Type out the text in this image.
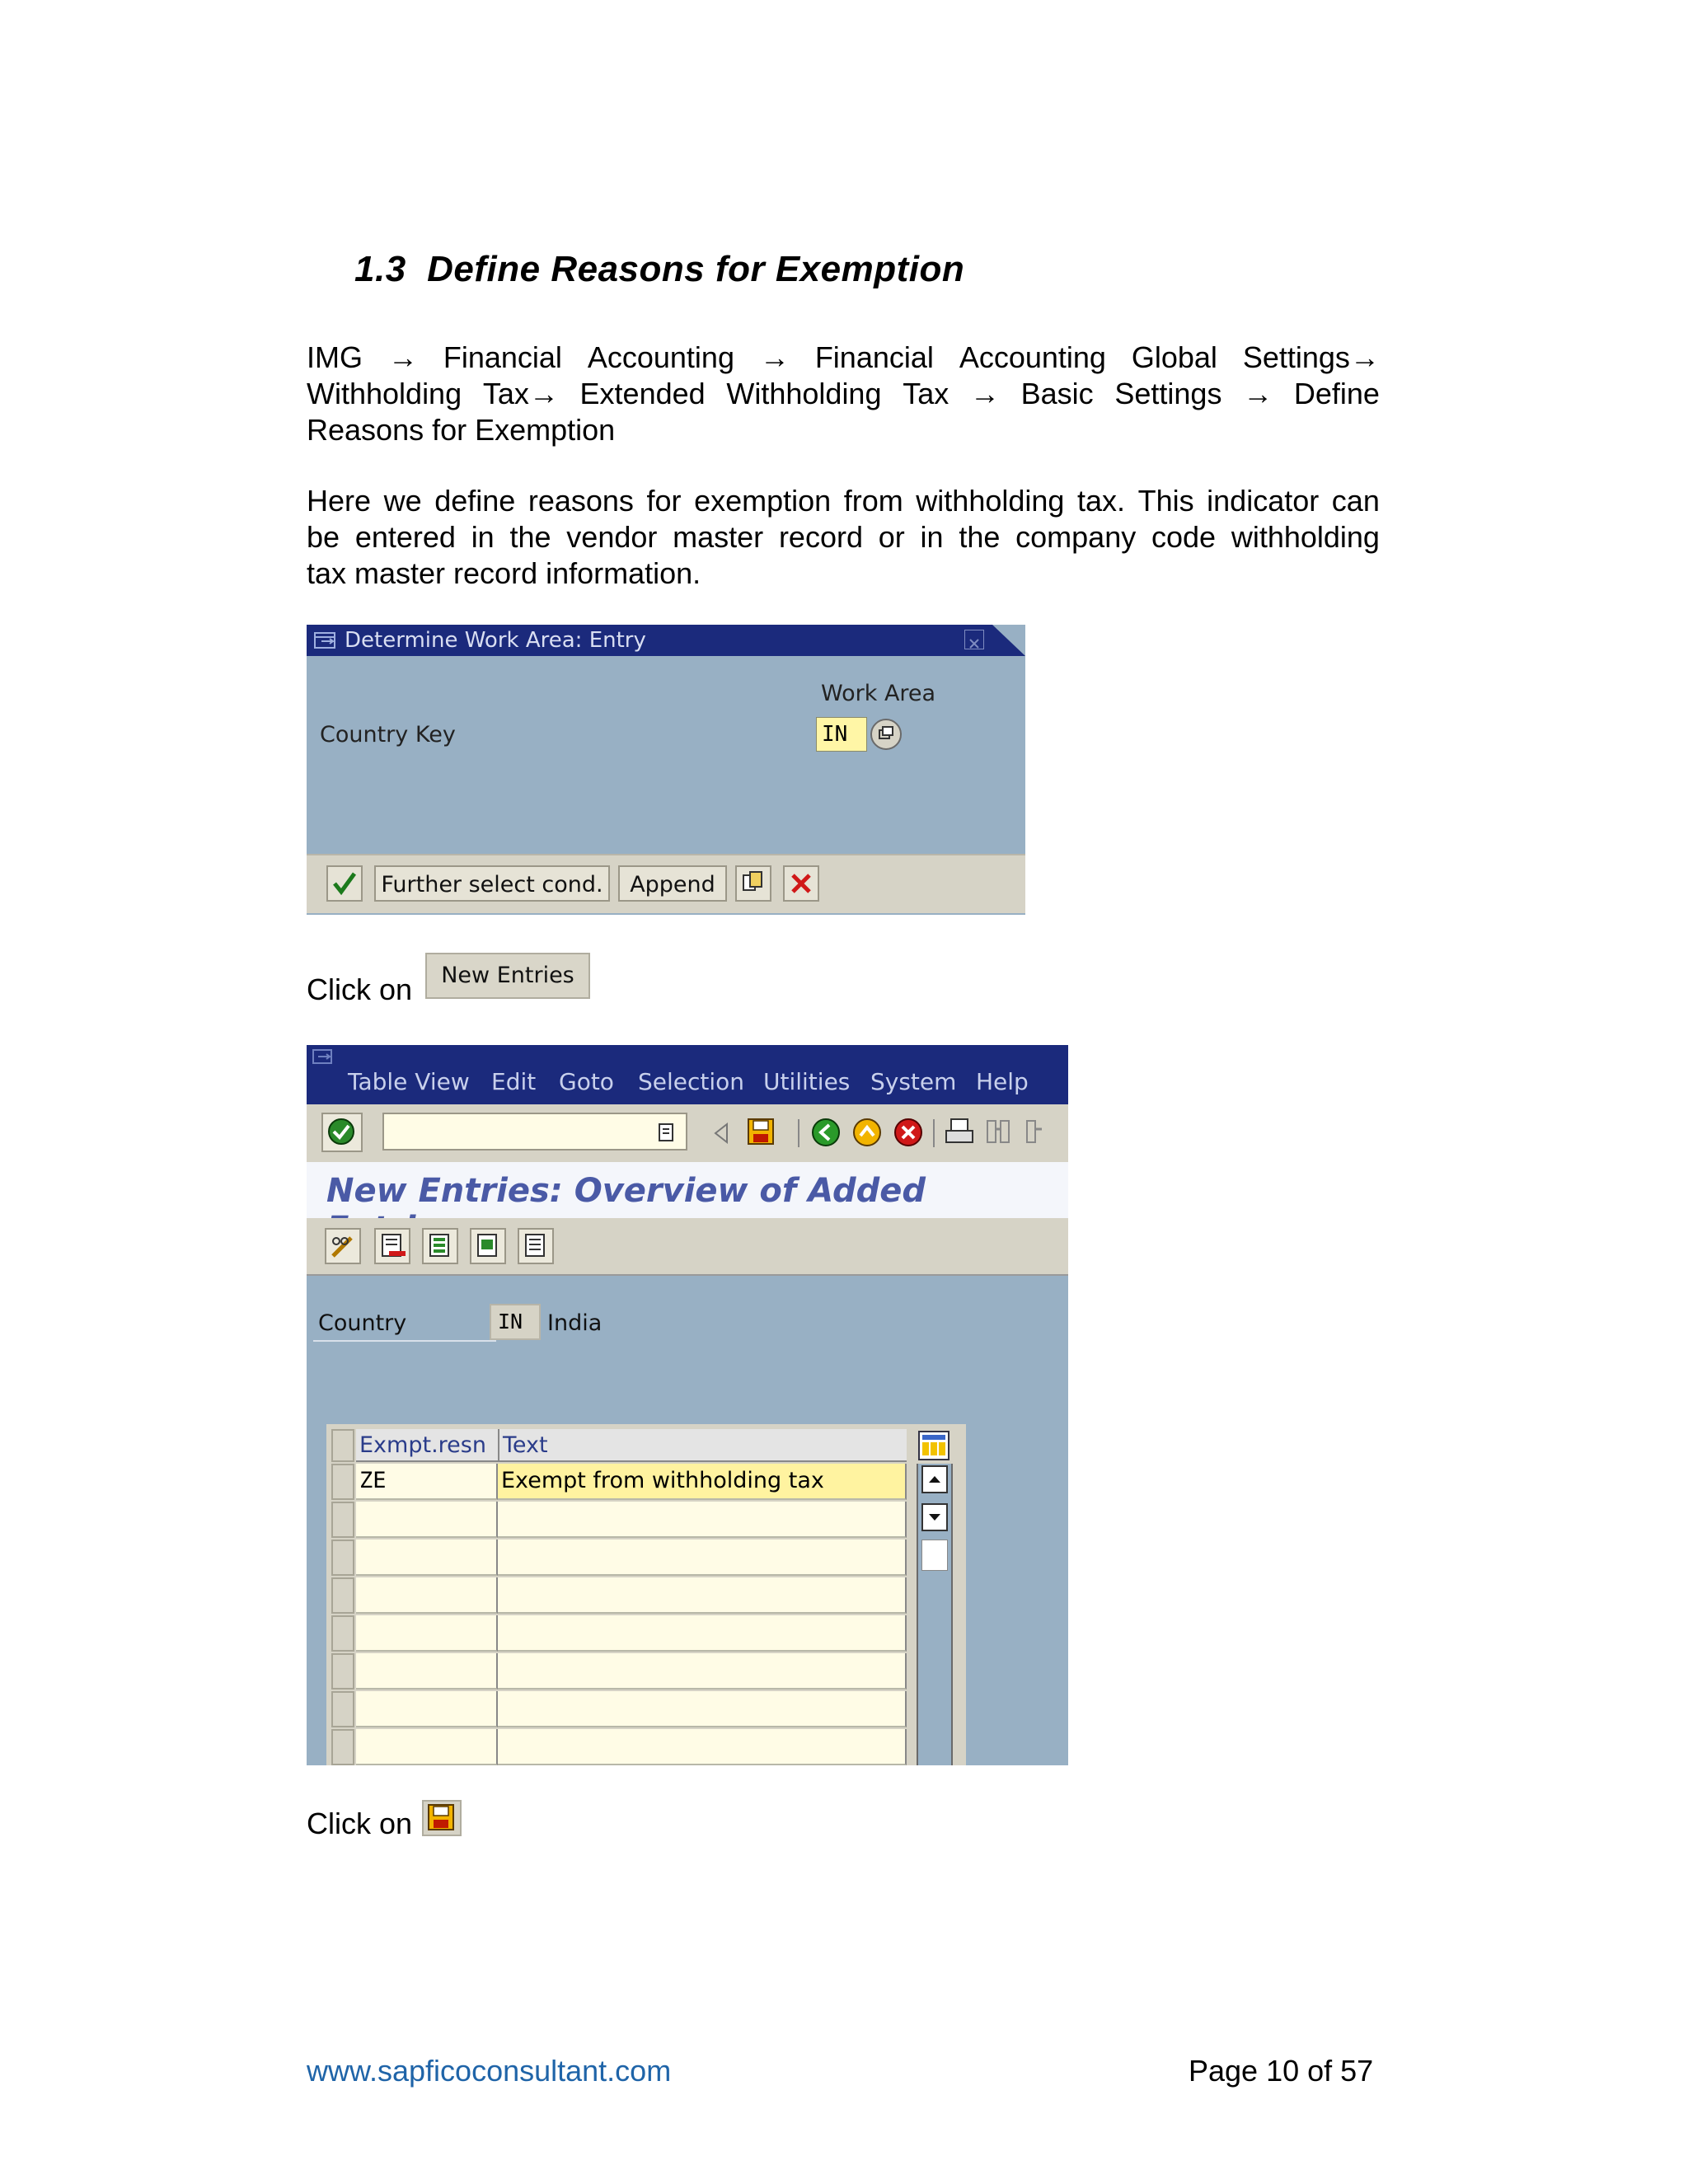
1.3 Define Reasons for Exemption
IMG → Financial Accounting → Financial Accounting Global Settings→
Withholding Tax→ Extended Withholding Tax → Basic Settings → Define
Reasons for Exemption
Here we define reasons for exemption from withholding tax. This indicator can
be entered in the vendor master record or in the company code withholding
tax master record information.
Determine Work Area: Entry
Work Area
Country Key	IN
Further select cond.	Append
Click on	New Entries
Table View Edit Goto Selection Utilities System Help
New Entries: Overview of Added
Country	IN	India
Exmpt.resn Text
ZE	Exempt from withholding tax
Click on
www.sapficoconsultant.com	Page 10 of 57
